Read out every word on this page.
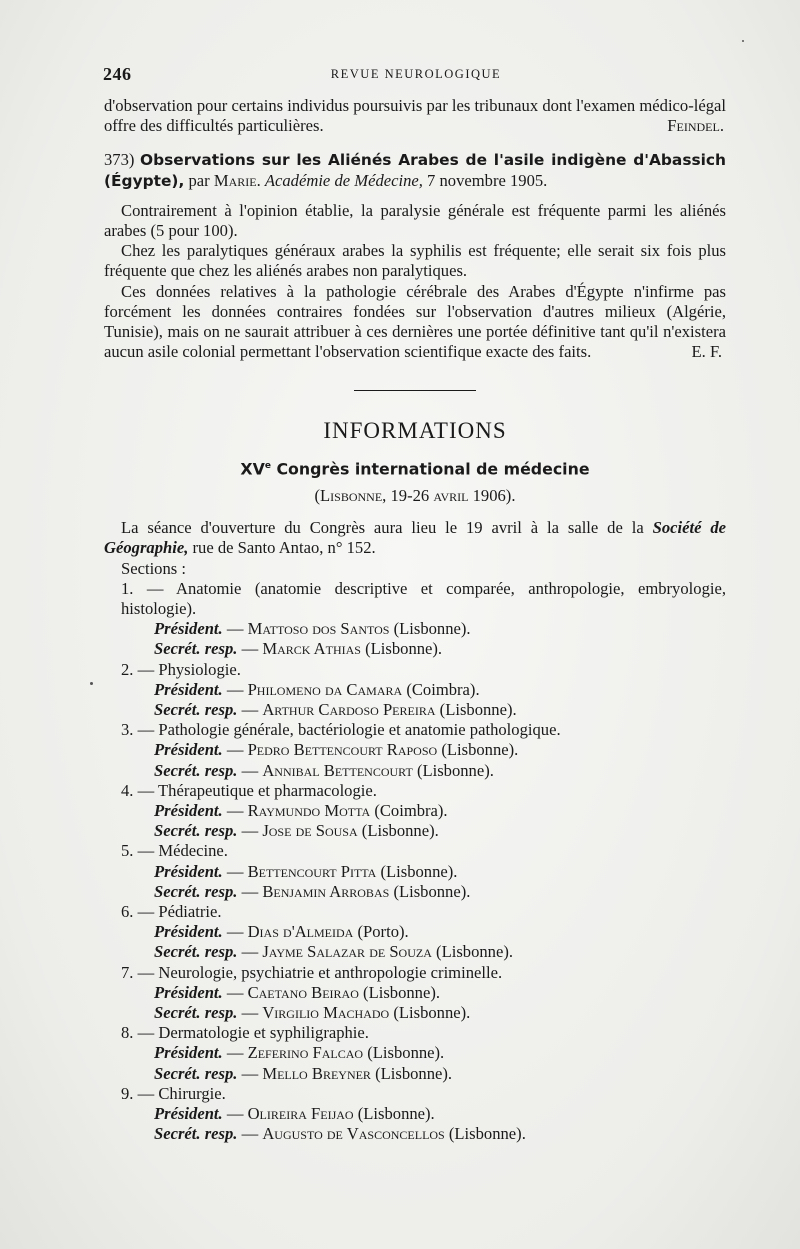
246	REVUE NEUROLOGIQUE

d'observation pour certains individus poursuivis par les tribunaux dont l'examen médico-légal offre des difficultés particulières.	Feindel.

373) Observations sur les Aliénés Arabes de l'asile indigène d'Abassich (Égypte), par Marie. Académie de Médecine, 7 novembre 1905.

Contrairement à l'opinion établie, la paralysie générale est fréquente parmi les aliénés arabes (5 pour 100).

Chez les paralytiques généraux arabes la syphilis est fréquente; elle serait six fois plus fréquente que chez les aliénés arabes non paralytiques.

Ces données relatives à la pathologie cérébrale des Arabes d'Égypte n'infirme pas forcément les données contraires fondées sur l'observation d'autres milieux (Algérie, Tunisie), mais on ne saurait attribuer à ces dernières une portée définitive tant qu'il n'existera aucun asile colonial permettant l'observation scientifique exacte des faits.	E. F.

INFORMATIONS
XVe Congrès international de médecine
(Lisbonne, 19-26 avril 1906).

La séance d'ouverture du Congrès aura lieu le 19 avril à la salle de la Société de Géographie, rue de Santo Antao, n° 152.

Sections :

1. — Anatomie (anatomie descriptive et comparée, anthropologie, embryologie, histologie).

Président. — Mattoso dos Santos (Lisbonne).
Secrét. resp. — Marck Athias (Lisbonne).

2. — Physiologie.

Président. — Philomeno da Camara (Coimbra).
Secrét. resp. — Arthur Cardoso Pereira (Lisbonne).

3. — Pathologie générale, bactériologie et anatomie pathologique.

Président. — Pedro Bettencourt Raposo (Lisbonne).
Secrét. resp. — Annibal Bettencourt (Lisbonne).

4. — Thérapeutique et pharmacologie.

Président. — Raymundo Motta (Coimbra).
Secrét. resp. — Jose de Sousa (Lisbonne).

5. — Médecine.

Président. — Bettencourt Pitta (Lisbonne).
Secrét. resp. — Benjamin Arrobas (Lisbonne).

6. — Pédiatrie.

Président. — Dias d'Almeida (Porto).
Secrét. resp. — Jayme Salazar de Souza (Lisbonne).

7. — Neurologie, psychiatrie et anthropologie criminelle.

Président. — Caetano Beirao (Lisbonne).
Secrét. resp. — Virgilio Machado (Lisbonne).

8. — Dermatologie et syphiligraphie.

Président. — Zeferino Falcao (Lisbonne).
Secrét. resp. — Mello Breyner (Lisbonne).

9. — Chirurgie.

Président. — Olireira Feijao (Lisbonne).
Secrét. resp. — Augusto de Vasconcellos (Lisbonne).
